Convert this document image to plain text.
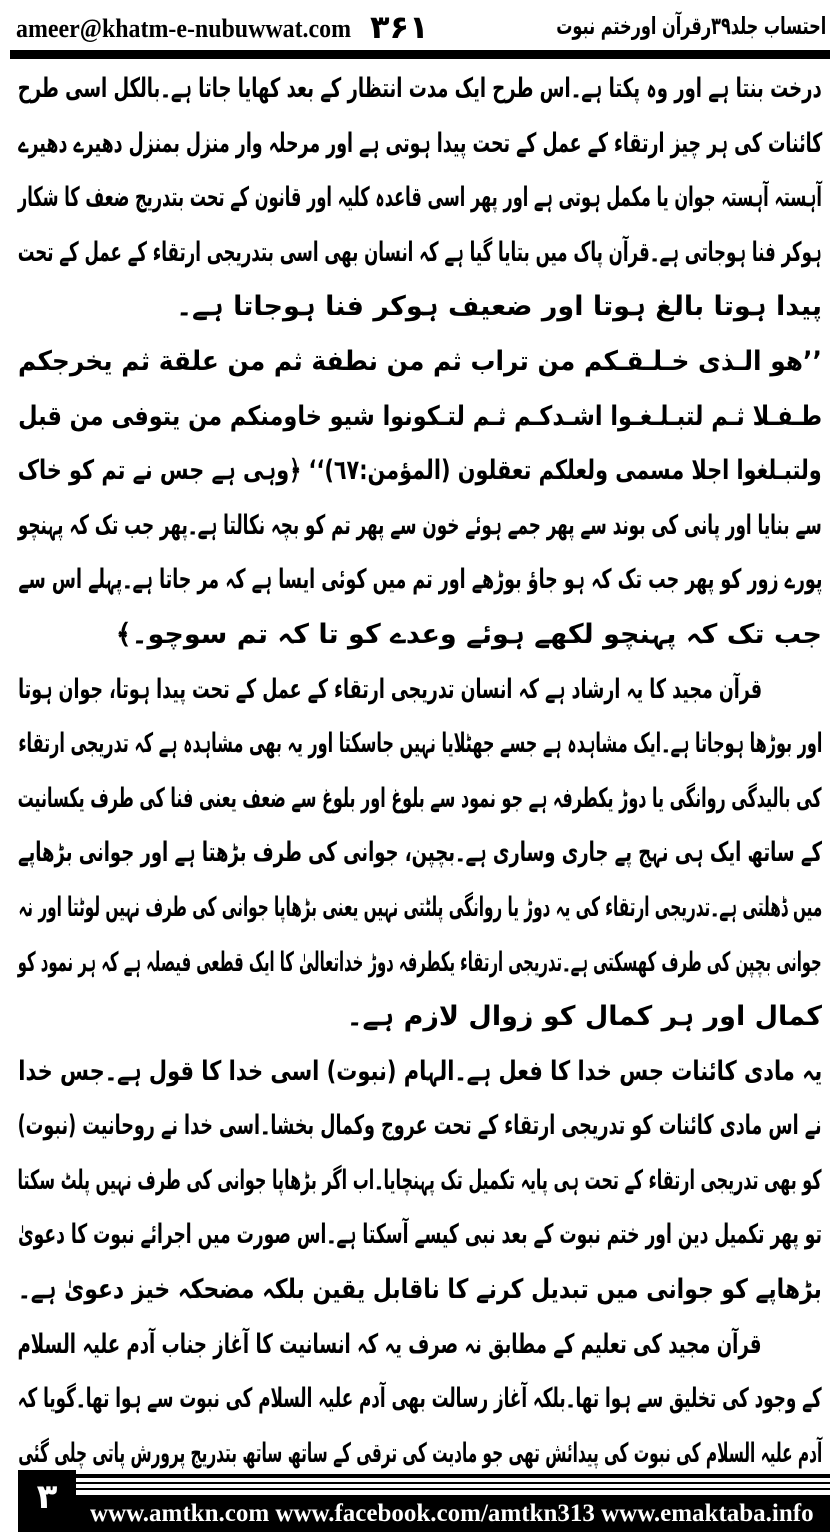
ameer@khatm-e-nubuwwat.com ۳۶۱	احتساب جلد۳۹رقرآن اورختم نبوت
درخت بنتا ہے اور وہ پکتا ہے۔اس طرح ایک مدت انتظار کے بعد کھایا جاتا ہے۔بالکل اسی طرح
کائنات کی ہر چیز ارتقاء کے عمل کے تحت پیدا ہوتی ہے اور مرحلہ وار منزل بمنزل دھیرے دھیرے
آہستہ آہستہ جوان یا مکمل ہوتی ہے اور پھر اسی قاعدہ کلیہ اور قانون کے تحت بتدریج ضعف کا شکار
ہوکر فنا ہوجاتی ہے۔قرآن پاک میں بتایا گیا ہے کہ انسان بھی اسی بتدریجی ارتقاء کے عمل کے تحت
پیدا ہوتا بالغ ہوتا اور ضعیف ہوکر فنا ہوجاتا ہے۔
’’ھو الـذی خـلـقـکم من تراب ثم من نطفة ثم من علقة ثم یخرجکم
طـفـلا ثـم لتبـلـغـوا اشـدکـم ثـم لتـکونوا شیو خاومنکم من یتوفی من قبل
ولتبـلغوا اجلا مسمی ولعلکم تعقلون (المؤمن:٦٧)‘‘ ﴿وہی ہے جس نے تم کو خاک
سے بنایا اور پانی کی بوند سے پھر جمے ہوئے خون سے پھر تم کو بچہ نکالتا ہے۔پھر جب تک کہ پہنچو
پورے زور کو پھر جب تک کہ ہو جاؤ بوڑھے اور تم میں کوئی ایسا ہے کہ مر جاتا ہے۔پہلے اس سے
جب تک کہ پہنچو لکھے ہوئے وعدے کو تا کہ تم سوچو۔﴾
قرآن مجید کا یہ ارشاد ہے کہ انسان تدریجی ارتقاء کے عمل کے تحت پیدا ہوتا، جوان ہوتا
اور بوڑھا ہوجاتا ہے۔ایک مشاہدہ ہے جسے جھٹلایا نہیں جاسکتا اور یہ بھی مشاہدہ ہے کہ تدریجی ارتقاء
کی بالیدگی روانگی یا دوڑ یکطرفہ ہے جو نمود سے بلوغ اور بلوغ سے ضعف یعنی فنا کی طرف یکسانیت
کے ساتھ ایک ہی نہج پے جاری وساری ہے۔بچپن، جوانی کی طرف بڑھتا ہے اور جوانی بڑھاپے
میں ڈھلتی ہے۔تدریجی ارتقاء کی یہ دوڑ یا روانگی پلٹتی نہیں یعنی بڑھاپا جوانی کی طرف نہیں لوٹتا اور نہ
جوانی بچپن کی طرف کھسکتی ہے۔تدریجی ارتقاء یکطرفہ دوڑ خداتعالیٰ کا ایک قطعی فیصلہ ہے کہ ہر نمود کو
کمال اور ہر کمال کو زوال لازم ہے۔
یہ مادی کائنات جس خدا کا فعل ہے۔الہام (نبوت) اسی خدا کا قول ہے۔جس خدا
نے اس مادی کائنات کو تدریجی ارتقاء کے تحت عروج وکمال بخشا۔اسی خدا نے روحانیت (نبوت)
کو بھی تدریجی ارتقاء کے تحت ہی پایہ تکمیل تک پہنچایا۔اب اگر بڑھاپا جوانی کی طرف نہیں پلٹ سکتا
تو پھر تکمیل دین اور ختم نبوت کے بعد نبی کیسے آسکتا ہے۔اس صورت میں اجرائے نبوت کا دعویٰ
بڑھاپے کو جوانی میں تبدیل کرنے کا ناقابل یقین بلکہ مضحکہ خیز دعویٰ ہے۔
قرآن مجید کی تعلیم کے مطابق نہ صرف یہ کہ انسانیت کا آغاز جناب آدم علیہ السلام
کے وجود کی تخلیق سے ہوا تھا۔بلکہ آغاز رسالت بھی آدم علیہ السلام کی نبوت سے ہوا تھا۔گویا کہ
آدم علیہ السلام کی نبوت کی پیدائش تھی جو مادیت کی ترقی کے ساتھ ساتھ بتدریج پرورش پاتی چلی گئی
۳	www.amtkn.com www.facebook.com/amtkn313 www.emaktaba.info
